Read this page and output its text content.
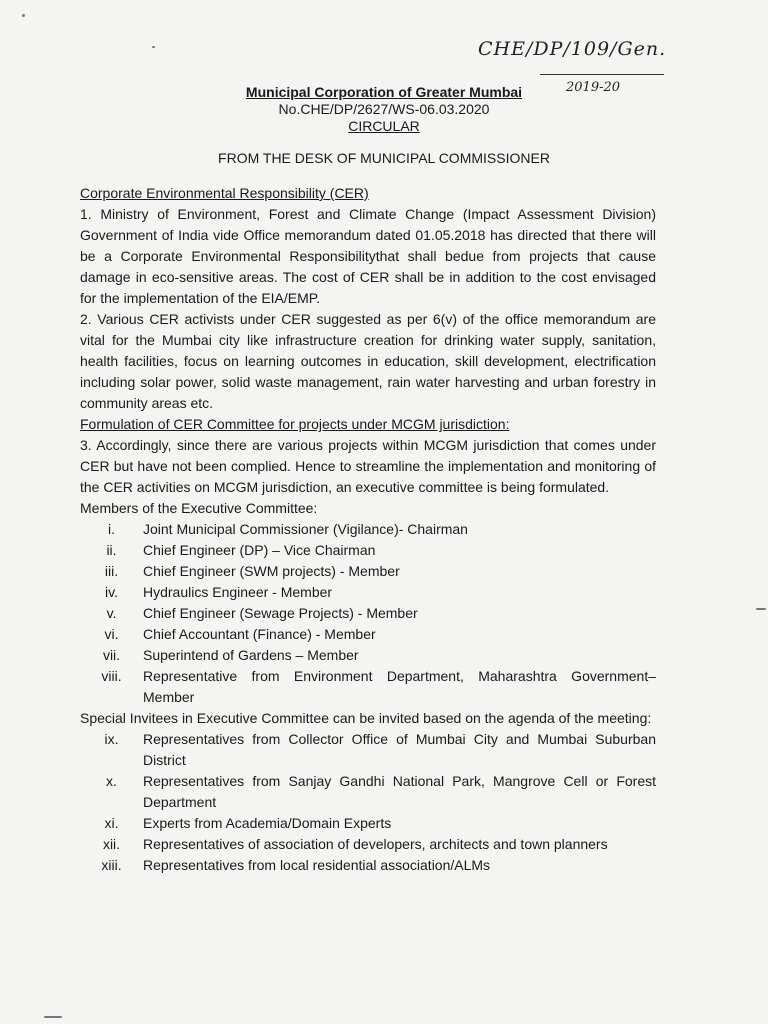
CHE/DP/109/Gen.
2019-20
Municipal Corporation of Greater Mumbai
No.CHE/DP/2627/WS-06.03.2020
CIRCULAR
FROM THE DESK OF MUNICIPAL COMMISSIONER

Corporate Environmental Responsibility (CER)

1. Ministry of Environment, Forest and Climate Change (Impact Assessment Division) Government of India vide Office memorandum dated 01.05.2018 has directed that there will be a Corporate Environmental Responsibilitythat shall bedue from projects that cause damage in eco-sensitive areas. The cost of CER shall be in addition to the cost envisaged for the implementation of the EIA/EMP.

2. Various CER activists under CER suggested as per 6(v) of the office memorandum are vital for the Mumbai city like infrastructure creation for drinking water supply, sanitation, health facilities, focus on learning outcomes in education, skill development, electrification including solar power, solid waste management, rain water harvesting and urban forestry in community areas etc.

Formulation of CER Committee for projects under MCGM jurisdiction:

3. Accordingly, since there are various projects within MCGM jurisdiction that comes under CER but have not been complied. Hence to streamline the implementation and monitoring of the CER activities on MCGM jurisdiction, an executive committee is being formulated.

Members of the Executive Committee:

i.	Joint Municipal Commissioner (Vigilance)- Chairman
ii.	Chief Engineer (DP) – Vice Chairman
iii.	Chief Engineer (SWM projects) - Member
iv.	Hydraulics Engineer - Member
v.	Chief Engineer (Sewage Projects) - Member
vi.	Chief Accountant (Finance) - Member
vii.	Superintend of Gardens – Member
viii.	Representative from Environment Department, Maharashtra Government– Member

Special Invitees in Executive Committee can be invited based on the agenda of the meeting:

ix.	Representatives from Collector Office of Mumbai City and Mumbai Suburban District
x.	Representatives from Sanjay Gandhi National Park, Mangrove Cell or Forest Department
xi.	Experts from Academia/Domain Experts
xii.	Representatives of association of developers, architects and town planners
xiii.	Representatives from local residential association/ALMs
